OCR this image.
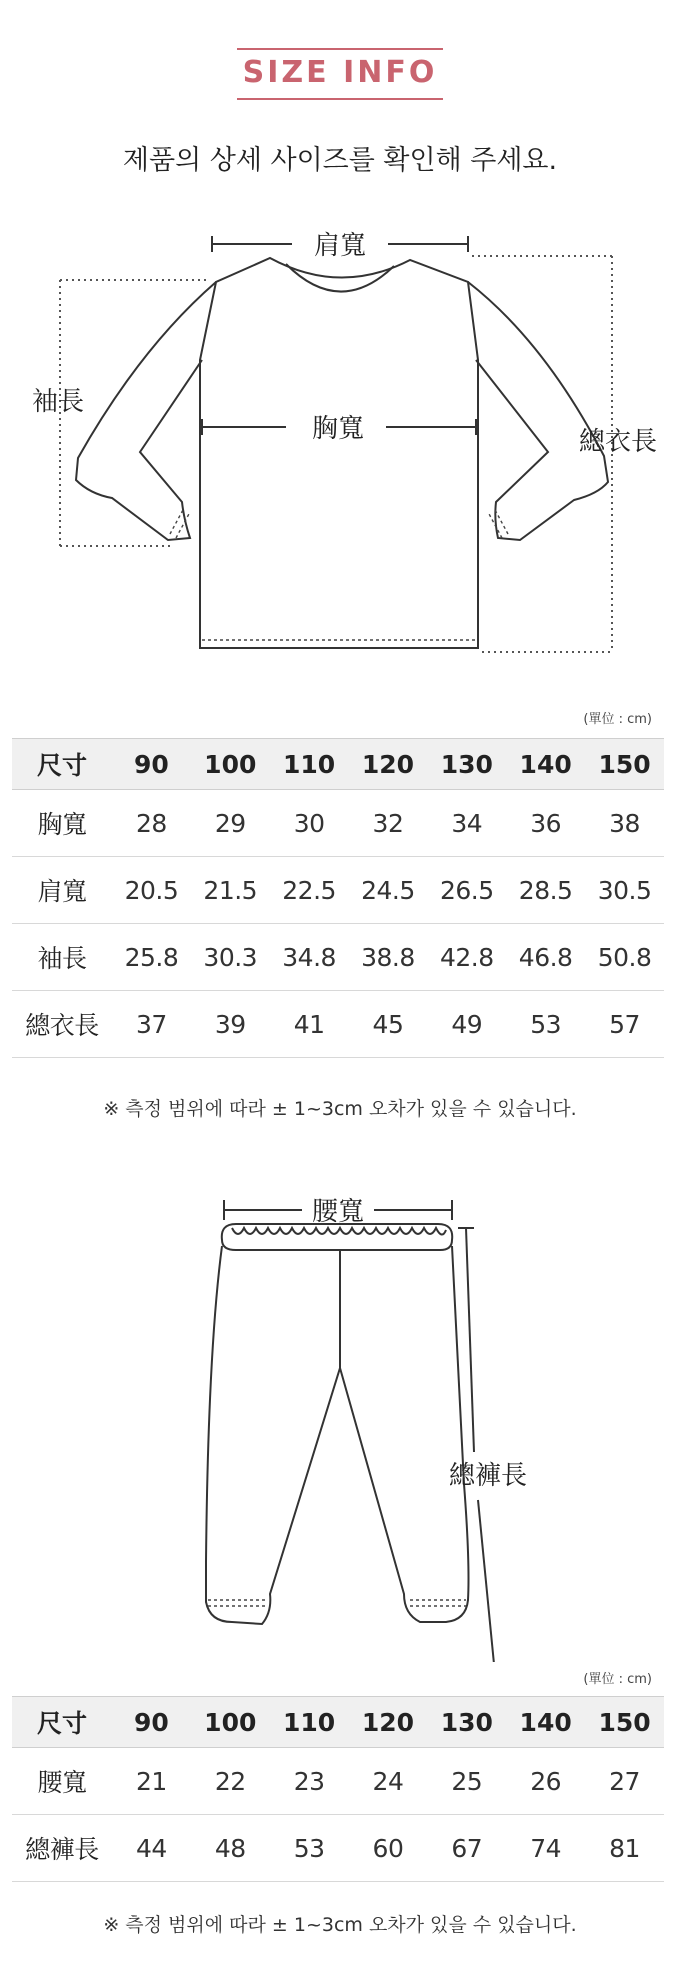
SIZE INFO
제품의 상세 사이즈를 확인해 주세요.
肩寬
胸寬
袖長
總衣長
(單位 : cm)
尺寸	90	100	110	120	130	140	150
胸寬	28	29	30	32	34	36	38
肩寬	20.5	21.5	22.5	24.5	26.5	28.5	30.5
袖長	25.8	30.3	34.8	38.8	42.8	46.8	50.8
總衣長	37	39	41	45	49	53	57
※ 측정 범위에 따라 ± 1~3cm 오차가 있을 수 있습니다.
腰寬
總褲長
(單位 : cm)
尺寸	90	100	110	120	130	140	150
腰寬	21	22	23	24	25	26	27
總褲長	44	48	53	60	67	74	81
※ 측정 범위에 따라 ± 1~3cm 오차가 있을 수 있습니다.
